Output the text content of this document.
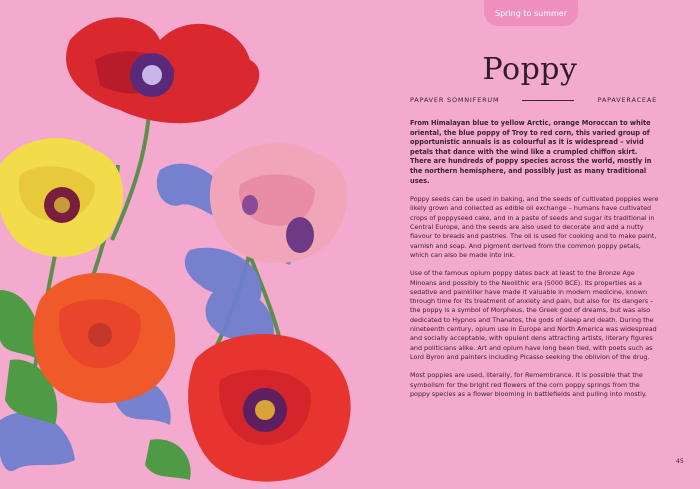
Spring to summer
Poppy
PAPAVER SOMNIFERUM	PAPAVERACEAE

From Himalayan blue to yellow Arctic, orange Moroccan to white oriental, the blue poppy of Troy to red corn, this varied group of opportunistic annuals is as colourful as it is widespread – vivid petals that dance with the wind like a crumpled chiffon skirt. There are hundreds of poppy species across the world, mostly in the northern hemisphere, and possibly just as many traditional uses.

Poppy seeds can be used in baking, and the seeds of cultivated poppies were likely grown and collected as edible oil exchange – humans have cultivated crops of poppyseed cake, and in a paste of seeds and sugar its traditional in Central Europe, and the seeds are also used to decorate and add a nutty flavour to breads and pastries. The oil is used for cooking and to make paint, varnish and soap. And pigment derived from the common poppy petals, which can also be made into ink.

Use of the famous opium poppy dates back at least to the Bronze Age Minoans and possibly to the Neolithic era (5000 BCE). Its properties as a sedative and painkiller have made it valuable in modern medicine, known through time for its treatment of anxiety and pain, but also for its dangers – the poppy is a symbol of Morpheus, the Greek god of dreams, but was also dedicated to Hypnos and Thanatos, the gods of sleep and death. During the nineteenth century, opium use in Europe and North America was widespread and socially acceptable, with opulent dens attracting artists, literary figures and politicians alike. Art and opium have long been tied, with poets such as Lord Byron and painters including Picasso seeking the oblivion of the drug.

Most poppies are used, literally, for Remembrance. It is possible that the symbolism for the bright red flowers of the corn poppy springs from the poppy species as a flower blooming in battlefields and pulling into mostly.

45
